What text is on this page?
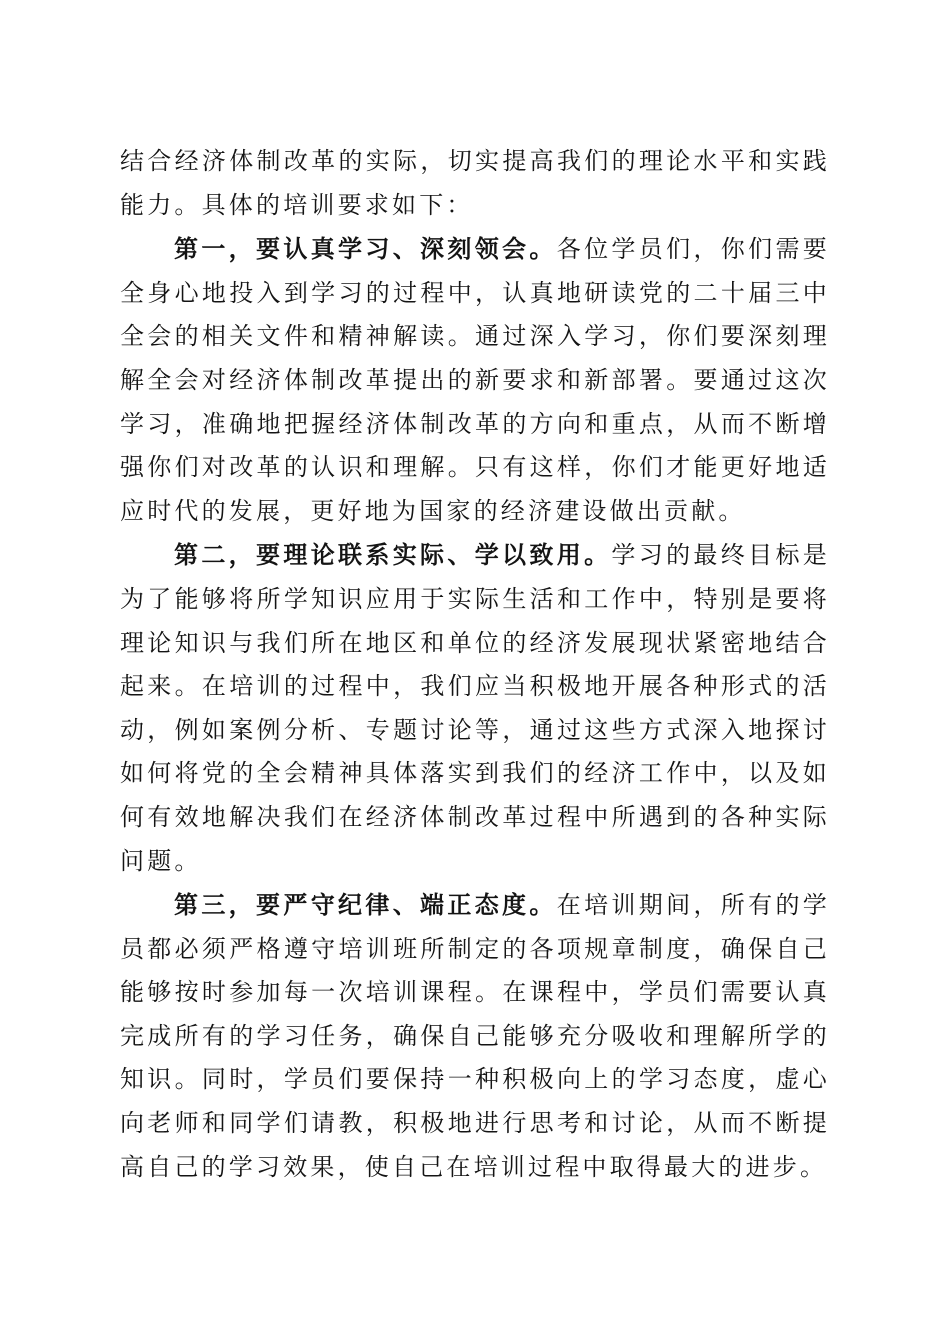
结合经济体制改革的实际，切实提高我们的理论水平和实践能力。具体的培训要求如下：

第一，要认真学习、深刻领会。各位学员们，你们需要全身心地投入到学习的过程中，认真地研读党的二十届三中全会的相关文件和精神解读。通过深入学习，你们要深刻理解全会对经济体制改革提出的新要求和新部署。要通过这次学习，准确地把握经济体制改革的方向和重点，从而不断增强你们对改革的认识和理解。只有这样，你们才能更好地适应时代的发展，更好地为国家的经济建设做出贡献。

第二，要理论联系实际、学以致用。学习的最终目标是为了能够将所学知识应用于实际生活和工作中，特别是要将理论知识与我们所在地区和单位的经济发展现状紧密地结合起来。在培训的过程中，我们应当积极地开展各种形式的活动，例如案例分析、专题讨论等，通过这些方式深入地探讨如何将党的全会精神具体落实到我们的经济工作中，以及如何有效地解决我们在经济体制改革过程中所遇到的各种实际问题。

第三，要严守纪律、端正态度。在培训期间，所有的学员都必须严格遵守培训班所制定的各项规章制度，确保自己能够按时参加每一次培训课程。在课程中，学员们需要认真完成所有的学习任务，确保自己能够充分吸收和理解所学的知识。同时，学员们要保持一种积极向上的学习态度，虚心向老师和同学们请教，积极地进行思考和讨论，从而不断提高自己的学习效果，使自己在培训过程中取得最大的进步。
